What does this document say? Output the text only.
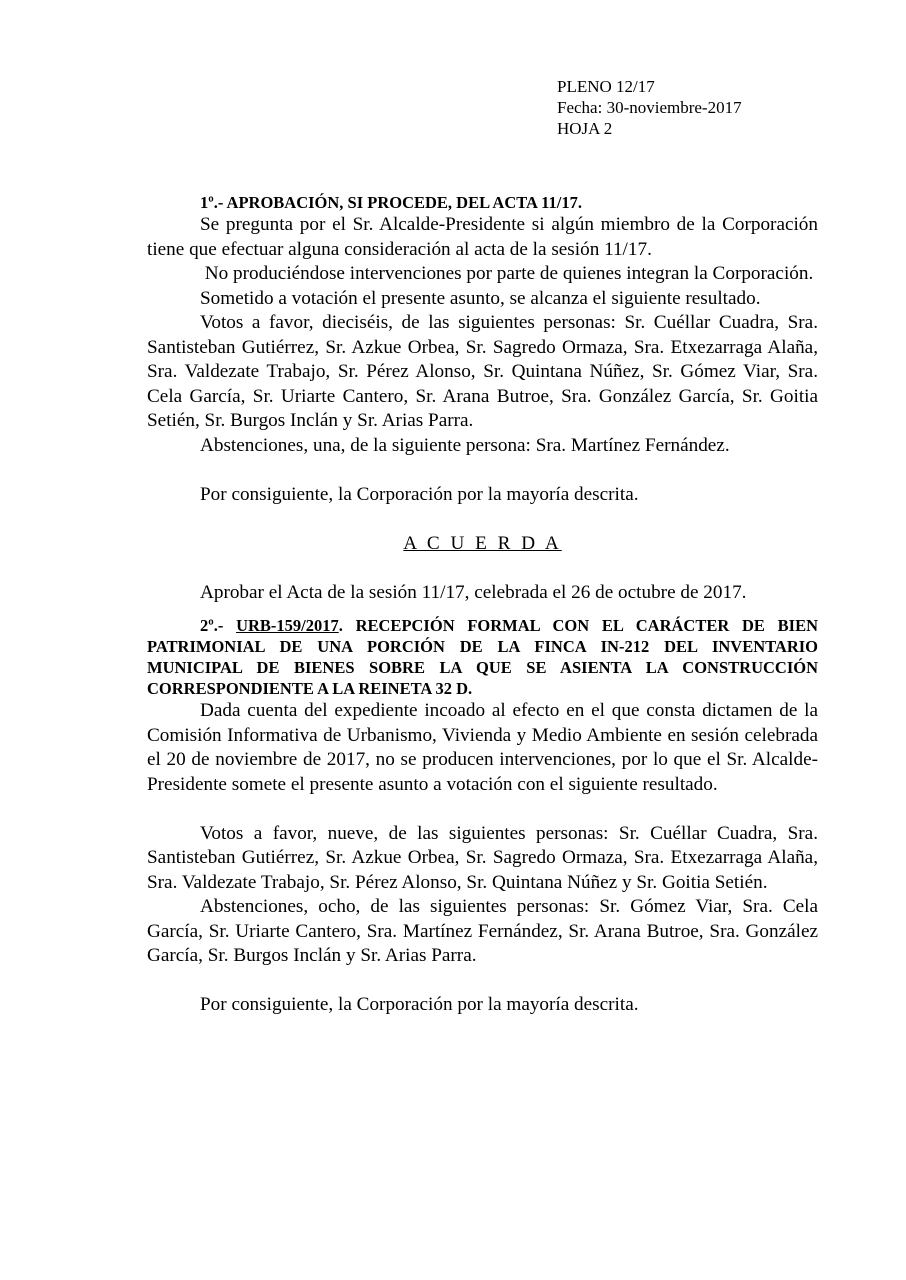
PLENO 12/17
Fecha: 30-noviembre-2017
HOJA 2

1º.- APROBACIÓN, SI PROCEDE, DEL ACTA 11/17.

Se pregunta por el Sr. Alcalde-Presidente si algún miembro de la Corporación tiene que efectuar alguna consideración al acta de la sesión 11/17.

No produciéndose intervenciones por parte de quienes integran la Corporación.

Sometido a votación el presente asunto, se alcanza el siguiente resultado.

Votos a favor, dieciséis, de las siguientes personas: Sr. Cuéllar Cuadra, Sra. Santisteban Gutiérrez, Sr. Azkue Orbea, Sr. Sagredo Ormaza, Sra. Etxezarraga Alaña, Sra. Valdezate Trabajo, Sr. Pérez Alonso, Sr. Quintana Núñez, Sr. Gómez Viar, Sra. Cela García, Sr. Uriarte Cantero, Sr. Arana Butroe, Sra. González García, Sr. Goitia Setién, Sr. Burgos Inclán y Sr. Arias Parra.

Abstenciones, una, de la siguiente persona: Sra. Martínez Fernández.

Por consiguiente, la Corporación por la mayoría descrita.

A C U E R D A

Aprobar el Acta de la sesión 11/17, celebrada el 26 de octubre de 2017.

2º.- URB-159/2017. RECEPCIÓN FORMAL CON EL CARÁCTER DE BIEN PATRIMONIAL DE UNA PORCIÓN DE LA FINCA IN-212 DEL INVENTARIO MUNICIPAL DE BIENES SOBRE LA QUE SE ASIENTA LA CONSTRUCCIÓN CORRESPONDIENTE A LA REINETA 32 D.

Dada cuenta del expediente incoado al efecto en el que consta dictamen de la Comisión Informativa de Urbanismo, Vivienda y Medio Ambiente en sesión celebrada el 20 de noviembre de 2017, no se producen intervenciones, por lo que el Sr. Alcalde-Presidente somete el presente asunto a votación con el siguiente resultado.

Votos a favor, nueve, de las siguientes personas: Sr. Cuéllar Cuadra, Sra. Santisteban Gutiérrez, Sr. Azkue Orbea, Sr. Sagredo Ormaza, Sra. Etxezarraga Alaña, Sra. Valdezate Trabajo, Sr. Pérez Alonso, Sr. Quintana Núñez y Sr. Goitia Setién.

Abstenciones, ocho, de las siguientes personas: Sr. Gómez Viar, Sra. Cela García, Sr. Uriarte Cantero, Sra. Martínez Fernández, Sr. Arana Butroe, Sra. González García, Sr. Burgos Inclán y Sr. Arias Parra.

Por consiguiente, la Corporación por la mayoría descrita.
